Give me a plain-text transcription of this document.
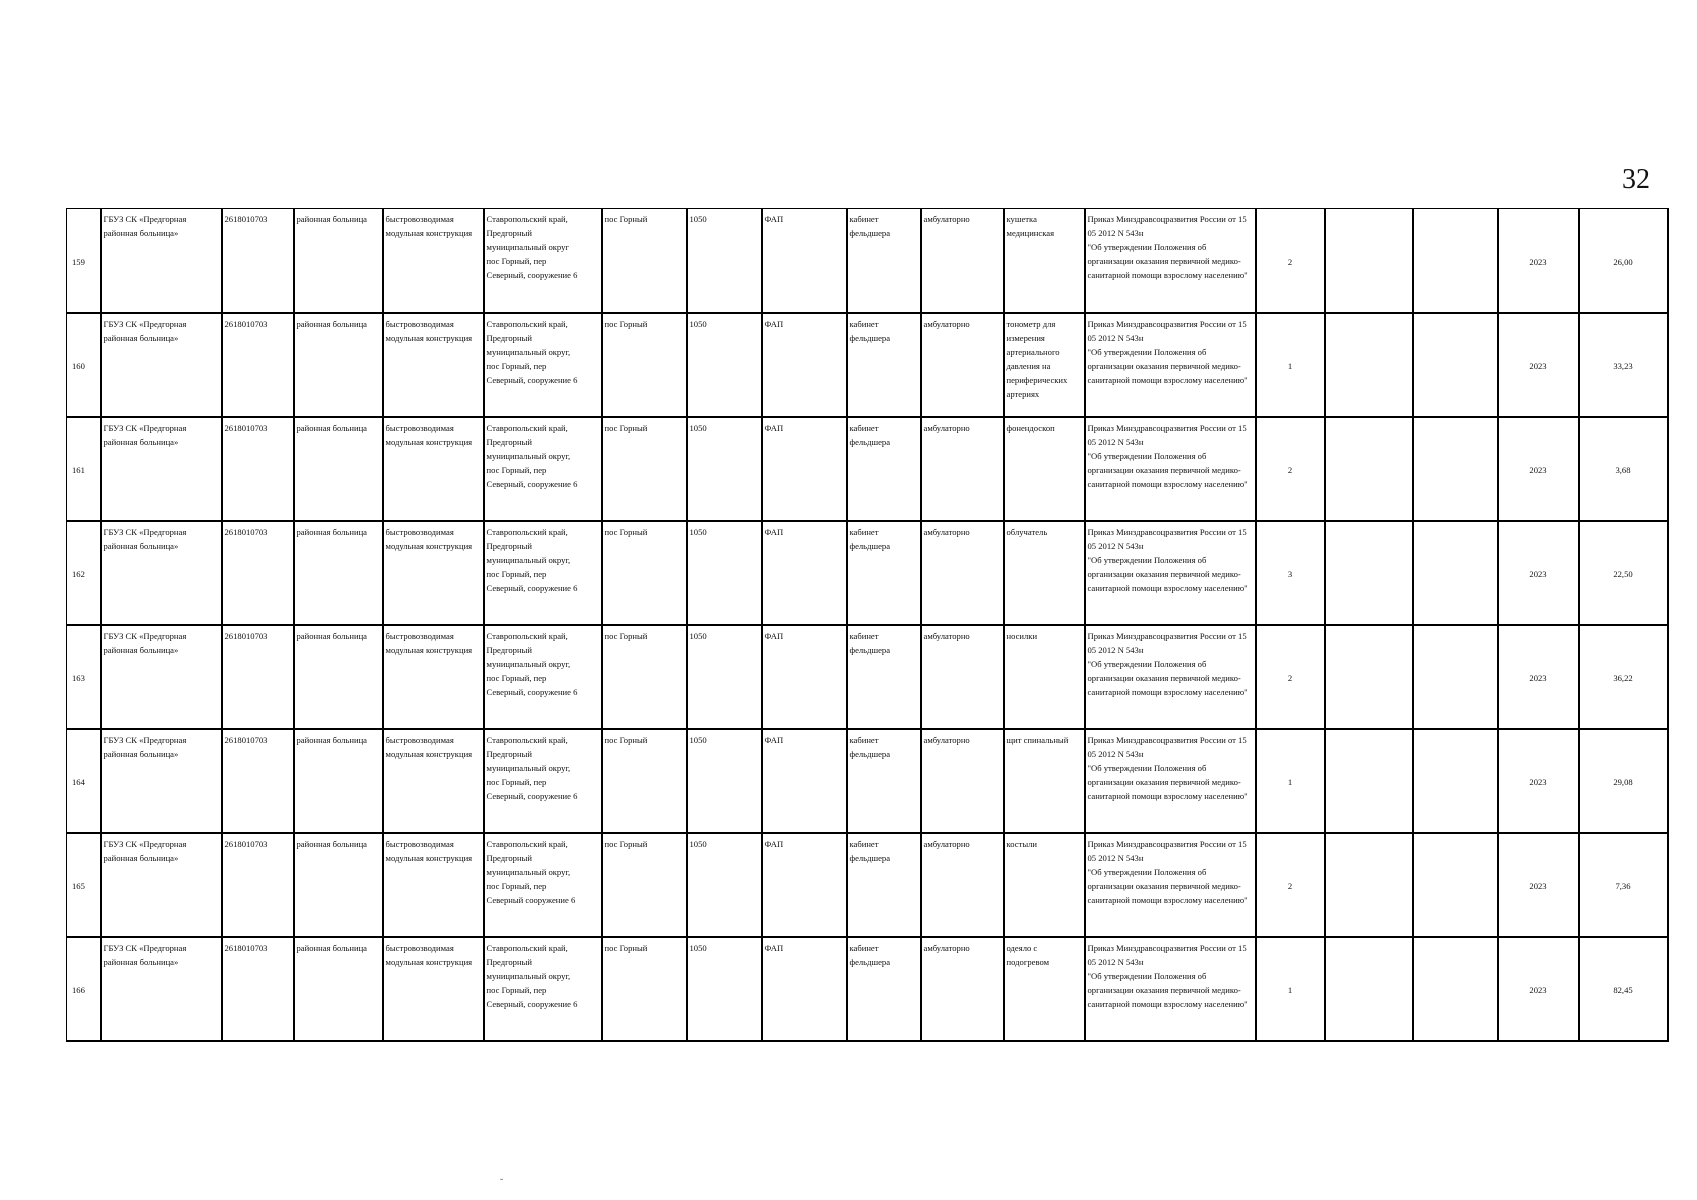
32
159	ГБУЗ СК «Предгорная районная больница»	2618010703	районная больница	быстровозводимая модульная конструкция	Ставропольский край,
Предгорный
муниципальный округ
пос Горный, пер
Северный, сооружение 6	пос Горный	1050	ФАП	кабинет фельдшера	амбулаторно	кушетка медицинская	Приказ Минздравсоцразвития России от 15 05 2012 N 543н
"Об утверждении Положения об организации оказания первичной медико-санитарной помощи взрослому населению"	2			2023	26,00
160	ГБУЗ СК «Предгорная районная больница»	2618010703	районная больница	быстровозводимая модульная конструкция	Ставропольский край,
Предгорный
муниципальный округ,
пос Горный, пер
Северный, сооружение 6	пос Горный	1050	ФАП	кабинет фельдшера	амбулаторно	тонометр для измерения артериального давления на периферических артериях	Приказ Минздравсоцразвития России от 15 05 2012 N 543н
"Об утверждении Положения об организации оказания первичной медико-санитарной помощи взрослому населению"	1			2023	33,23
161	ГБУЗ СК «Предгорная районная больница»	2618010703	районная больница	быстровозводимая модульная конструкция	Ставропольский край,
Предгорный
муниципальный округ,
пос Горный, пер
Северный, сооружение 6	пос Горный	1050	ФАП	кабинет фельдшера	амбулаторно	фонендоскоп	Приказ Минздравсоцразвития России от 15 05 2012 N 543н
"Об утверждении Положения об организации оказания первичной медико-санитарной помощи взрослому населению"	2			2023	3,68
162	ГБУЗ СК «Предгорная районная больница»	2618010703	районная больница	быстровозводимая модульная конструкция	Ставропольский край,
Предгорный
муниципальный округ,
пос Горный, пер
Северный, сооружение 6	пос Горный	1050	ФАП	кабинет фельдшера	амбулаторно	облучатель	Приказ Минздравсоцразвития России от 15 05 2012 N 543н
"Об утверждении Положения об организации оказания первичной медико-санитарной помощи взрослому населению"	3			2023	22,50
163	ГБУЗ СК «Предгорная районная больница»	2618010703	районная больница	быстровозводимая модульная конструкция	Ставропольский край,
Предгорный
муниципальный округ,
пос Горный, пер
Северный, сооружение 6	пос Горный	1050	ФАП	кабинет фельдшера	амбулаторно	носилки	Приказ Минздравсоцразвития России от 15 05 2012 N 543н
"Об утверждении Положения об организации оказания первичной медико-санитарной помощи взрослому населению"	2			2023	36,22
164	ГБУЗ СК «Предгорная районная больница»	2618010703	районная больница	быстровозводимая модульная конструкция	Ставропольский край,
Предгорный
муниципальный округ,
пос Горный, пер
Северный, сооружение 6	пос Горный	1050	ФАП	кабинет фельдшера	амбулаторно	щит спинальный	Приказ Минздравсоцразвития России от 15 05 2012 N 543н
"Об утверждении Положения об организации оказания первичной медико-санитарной помощи взрослому населению"	1			2023	29,08
165	ГБУЗ СК «Предгорная районная больница»	2618010703	районная больница	быстровозводимая модульная конструкция	Ставропольский край,
Предгорный
муниципальный округ,
пос Горный, пер
Северный сооружение 6	пос Горный	1050	ФАП	кабинет фельдшера	амбулаторно	костыли	Приказ Минздравсоцразвития России от 15 05 2012 N 543н
"Об утверждении Положения об организации оказания первичной медико-санитарной помощи взрослому населению"	2			2023	7,36
166	ГБУЗ СК «Предгорная районная больница»	2618010703	районная больница	быстровозводимая модульная конструкция	Ставропольский край,
Предгорный
муниципальный округ,
пос Горный, пер
Северный, сооружение 6	пос Горный	1050	ФАП	кабинет фельдшера	амбулаторно	одеяло с подогревом	Приказ Минздравсоцразвития России от 15 05 2012 N 543н
"Об утверждении Положения об организации оказания первичной медико-санитарной помощи взрослому населению"	1			2023	82,45
˘
